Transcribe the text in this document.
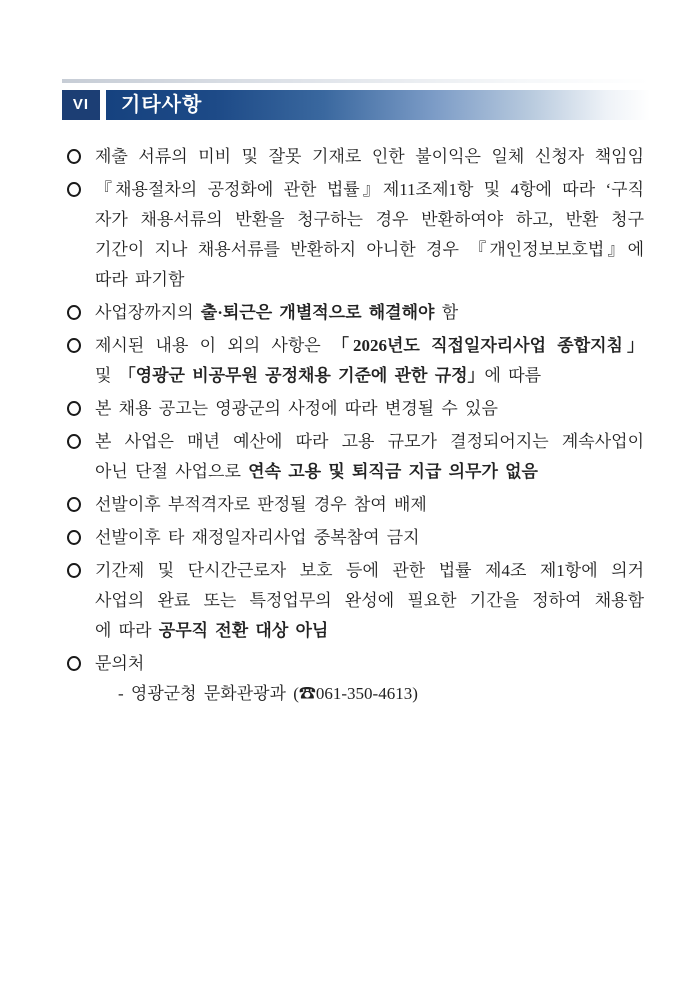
VI	기타사항
제출 서류의 미비 및 잘못 기재로 인한 불이익은 일체 신청자 책임임
『채용절차의 공정화에 관한 법률』제11조제1항 및 4항에 따라 ‘구직
자가 채용서류의 반환을 청구하는 경우 반환하여야 하고, 반환 청구
기간이 지나 채용서류를 반환하지 아니한 경우 『개인정보보호법』에
따라 파기함
사업장까지의 출·퇴근은 개별적으로 해결해야 함
제시된 내용 이 외의 사항은 「2026년도 직접일자리사업 종합지침」
및 「영광군 비공무원 공정채용 기준에 관한 규정」에 따름
본 채용 공고는 영광군의 사정에 따라 변경될 수 있음
본 사업은 매년 예산에 따라 고용 규모가 결정되어지는 계속사업이
아닌 단절 사업으로 연속 고용 및 퇴직금 지급 의무가 없음
선발이후 부적격자로 판정될 경우 참여 배제
선발이후 타 재정일자리사업 중복참여 금지
기간제 및 단시간근로자 보호 등에 관한 법률 제4조 제1항에 의거
사업의 완료 또는 특정업무의 완성에 필요한 기간을 정하여 채용함
에 따라 공무직 전환 대상 아님
문의처
- 영광군청 문화관광과 (☎061-350-4613)
